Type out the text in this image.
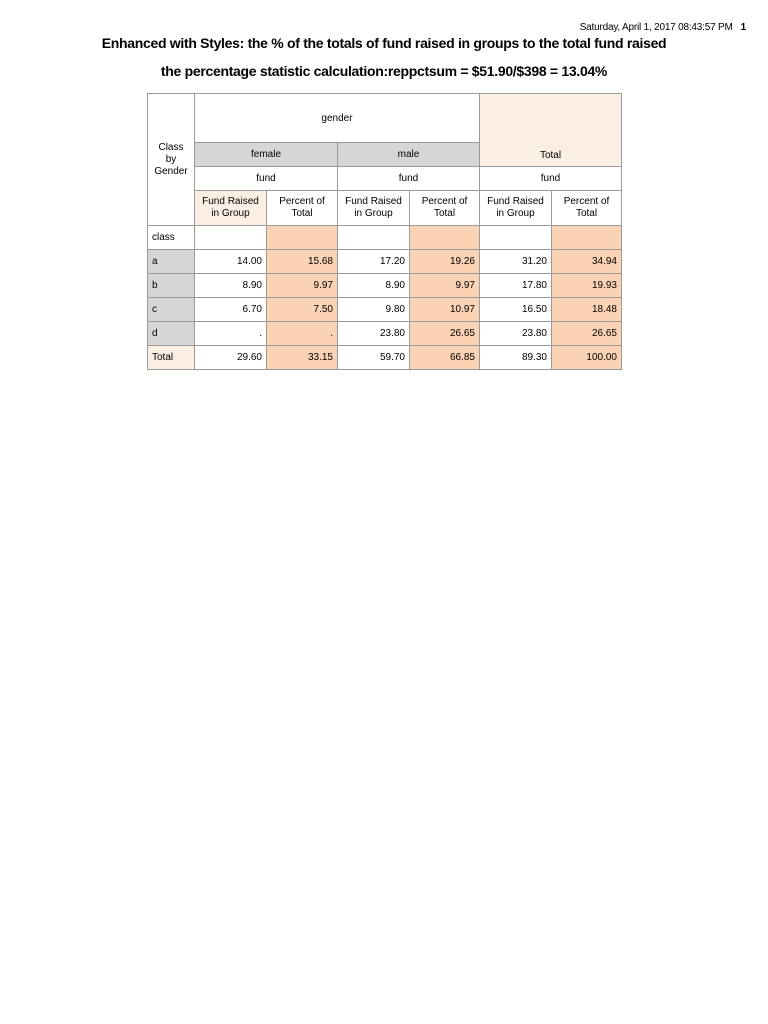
Saturday, April 1, 2017 08:43:57 PM 1
Enhanced with Styles: the % of the totals of fund raised in groups to the total fund raised
the percentage statistic calculation:reppctsum = $51.90/$398 = 13.04%
Class by Gender	gender				Total	
	female		male			
	fund		fund		fund	
	Fund Raised in Group	Percent of Total	Fund Raised in Group	Percent of Total	Fund Raised in Group	Percent of Total
class						
a	14.00	15.68	17.20	19.26	31.20	34.94
b	8.90	9.97	8.90	9.97	17.80	19.93
c	6.70	7.50	9.80	10.97	16.50	18.48
d	.	.	23.80	26.65	23.80	26.65
Total	29.60	33.15	59.70	66.85	89.30	100.00
